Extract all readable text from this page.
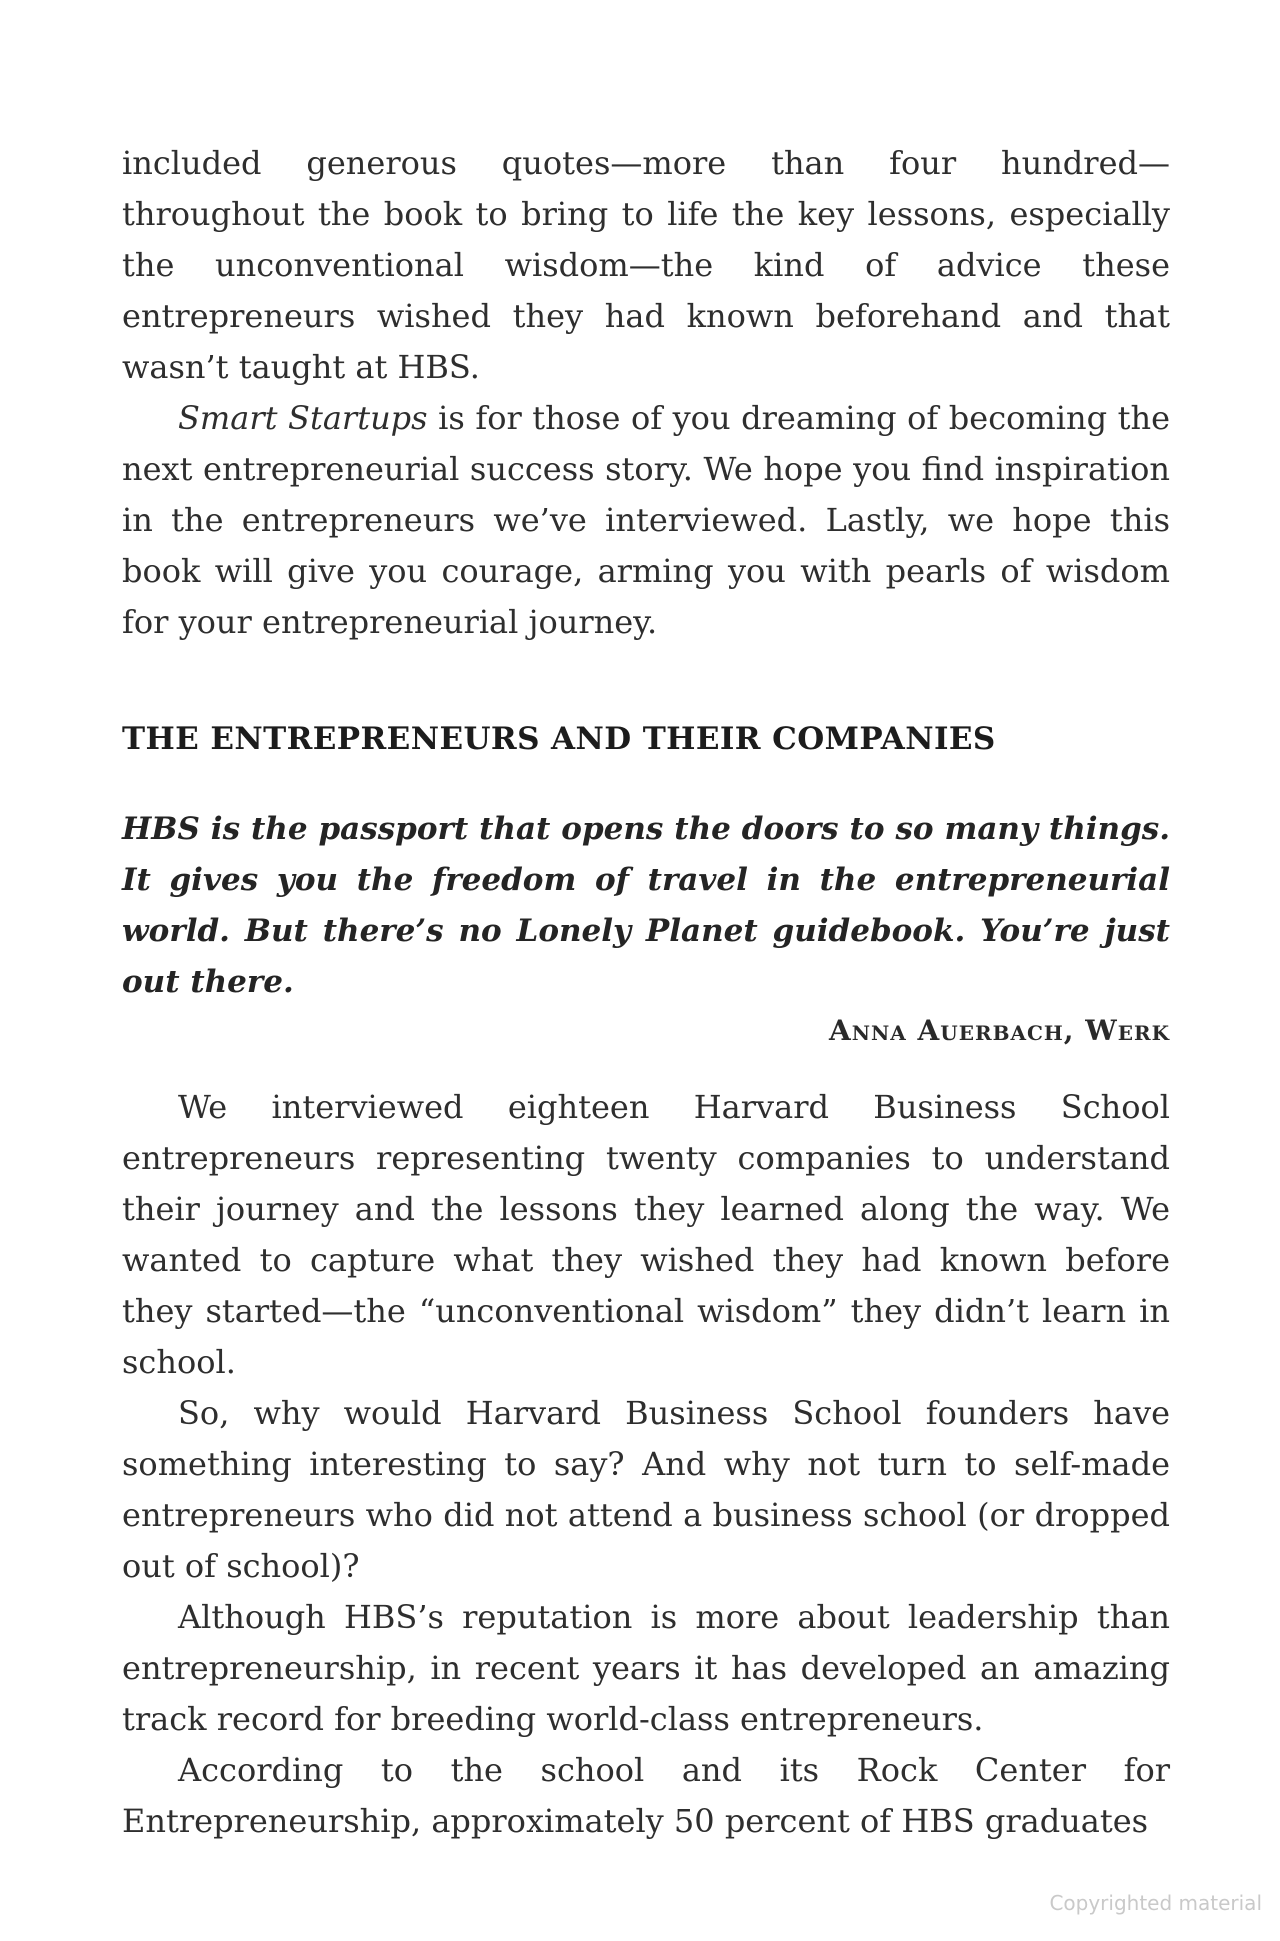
included generous quotes—more than four hundred—throughout the book to bring to life the key lessons, especially the unconventional wisdom—the kind of advice these entrepreneurs wished they had known beforehand and that wasn’t taught at HBS.

Smart Startups is for those of you dreaming of becoming the next entrepreneurial success story. We hope you find inspiration in the entrepreneurs we’ve interviewed. Lastly, we hope this book will give you courage, arming you with pearls of wisdom for your entrepreneurial journey.

THE ENTREPRENEURS AND THEIR COMPANIES
HBS is the passport that opens the doors to so many things. It gives you the freedom of travel in the entrepreneurial world. But there’s no Lonely Planet guidebook. You’re just out there.
Anna Auerbach, Werk

We interviewed eighteen Harvard Business School entrepreneurs representing twenty companies to understand their journey and the lessons they learned along the way. We wanted to capture what they wished they had known before they started—the “unconventional wisdom” they didn’t learn in school.

So, why would Harvard Business School founders have something interesting to say? And why not turn to self-made entrepreneurs who did not attend a business school (or dropped out of school)?

Although HBS’s reputation is more about leadership than entrepreneurship, in recent years it has developed an amazing track record for breeding world-class entrepreneurs.

According to the school and its Rock Center for Entrepreneurship, approximately 50 percent of HBS graduates

Copyrighted material
